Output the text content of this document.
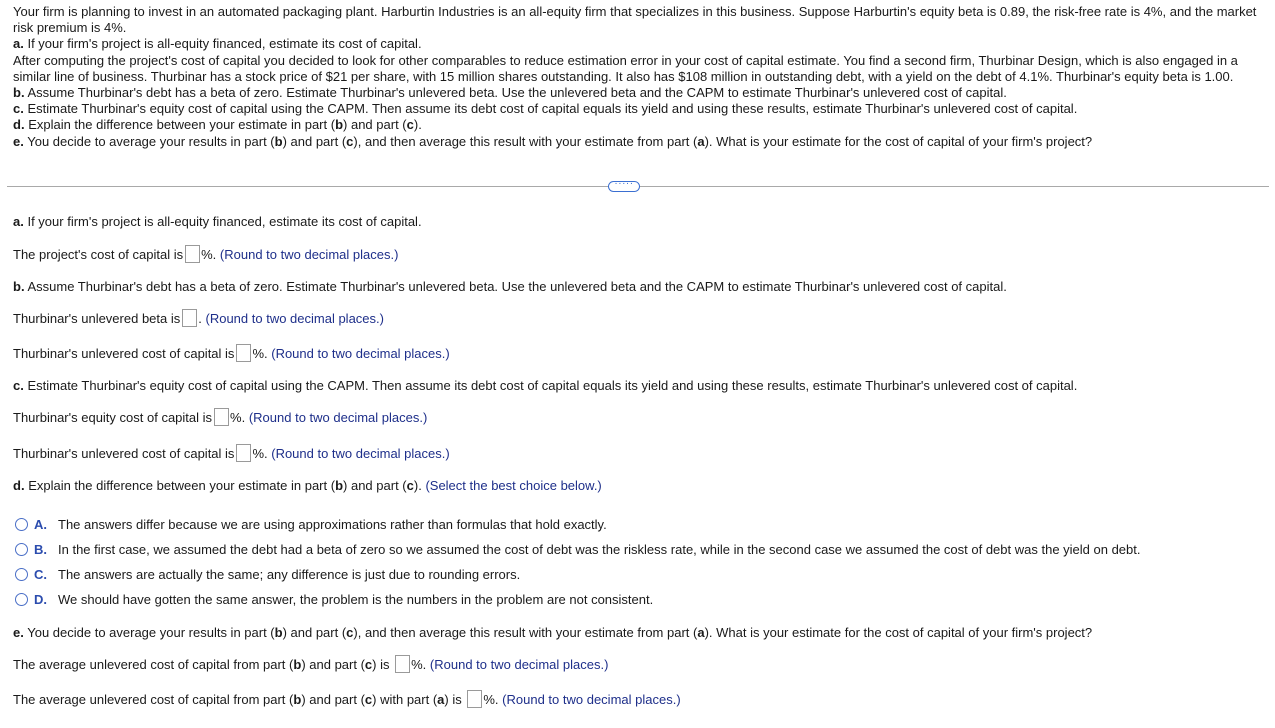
Your firm is planning to invest in an automated packaging plant. Harburtin Industries is an all-equity firm that specializes in this business. Suppose Harburtin's equity beta is 0.89, the risk-free rate is 4%, and the market risk premium is 4%.

a. If your firm's project is all-equity financed, estimate its cost of capital.

After computing the project's cost of capital you decided to look for other comparables to reduce estimation error in your cost of capital estimate. You find a second firm, Thurbinar Design, which is also engaged in a similar line of business. Thurbinar has a stock price of $21 per share, with 15 million shares outstanding. It also has $108 million in outstanding debt, with a yield on the debt of 4.1%. Thurbinar's equity beta is 1.00.

b. Assume Thurbinar's debt has a beta of zero. Estimate Thurbinar's unlevered beta. Use the unlevered beta and the CAPM to estimate Thurbinar's unlevered cost of capital.

c. Estimate Thurbinar's equity cost of capital using the CAPM. Then assume its debt cost of capital equals its yield and using these results, estimate Thurbinar's unlevered cost of capital.

d. Explain the difference between your estimate in part (b) and part (c).

e. You decide to average your results in part (b) and part (c), and then average this result with your estimate from part (a). What is your estimate for the cost of capital of your firm's project?

·····
a. If your firm's project is all-equity financed, estimate its cost of capital.
The project's cost of capital is %. (Round to two decimal places.)
b. Assume Thurbinar's debt has a beta of zero. Estimate Thurbinar's unlevered beta. Use the unlevered beta and the CAPM to estimate Thurbinar's unlevered cost of capital.
Thurbinar's unlevered beta is . (Round to two decimal places.)
Thurbinar's unlevered cost of capital is %. (Round to two decimal places.)
c. Estimate Thurbinar's equity cost of capital using the CAPM. Then assume its debt cost of capital equals its yield and using these results, estimate Thurbinar's unlevered cost of capital.
Thurbinar's equity cost of capital is %. (Round to two decimal places.)
Thurbinar's unlevered cost of capital is %. (Round to two decimal places.)
d. Explain the difference between your estimate in part (b) and part (c). (Select the best choice below.)
A. The answers differ because we are using approximations rather than formulas that hold exactly.
B. In the first case, we assumed the debt had a beta of zero so we assumed the cost of debt was the riskless rate, while in the second case we assumed the cost of debt was the yield on debt.
C. The answers are actually the same; any difference is just due to rounding errors.
D. We should have gotten the same answer, the problem is the numbers in the problem are not consistent.
e. You decide to average your results in part (b) and part (c), and then average this result with your estimate from part (a). What is your estimate for the cost of capital of your firm's project?
The average unlevered cost of capital from part (b) and part (c) is %. (Round to two decimal places.)
The average unlevered cost of capital from part (b) and part (c) with part (a) is %. (Round to two decimal places.)
